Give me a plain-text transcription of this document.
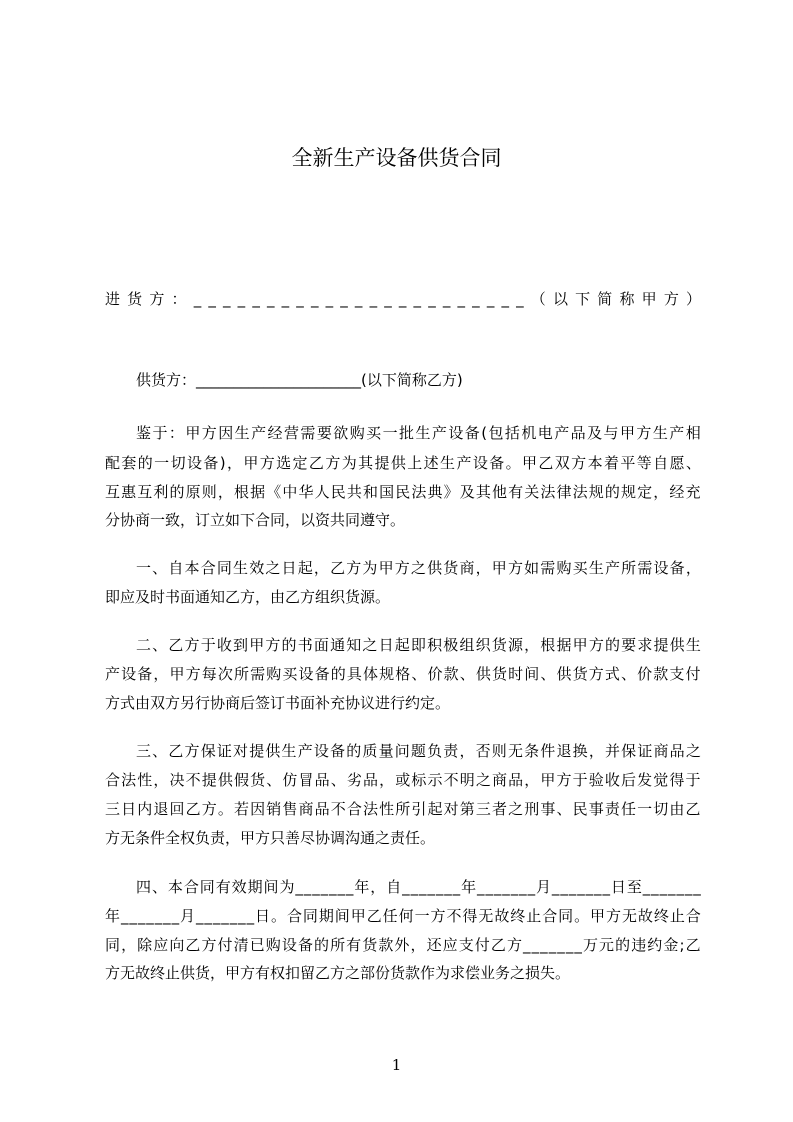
全新生产设备供货合同
进 货 方 ： _ _ _ _ _ _ _ _ _ _ _ _ _ _ _ _ _ _ _ _ _ _ _ （ 以 下 简 称 甲 方 ）
供货方：______________________(以下简称乙方)
鉴 于 ： 甲 方 因 生 产 经 营 需 要 欲 购 买 一 批 生 产 设 备 ( 包 括 机 电 产 品 及 与 甲 方 生 产 相
配 套 的 一 切 设 备 ) ， 甲 方 选 定 乙 方 为 其 提 供 上 述 生 产 设 备 。 甲 乙 双 方 本 着 平 等 自 愿 、
互 惠 互 利 的 原 则 ， 根 据 《 中 华 人 民 共 和 国 民 法 典 》 及 其 他 有 关 法 律 法 规 的 规 定 ， 经 充
分协商一致，订立如下合同，以资共同遵守。
一 、 自 本 合 同 生 效 之 日 起 ， 乙 方 为 甲 方 之 供 货 商 ， 甲 方 如 需 购 买 生 产 所 需 设 备 ，
即应及时书面通知乙方，由乙方组织货源。
二 、 乙 方 于 收 到 甲 方 的 书 面 通 知 之 日 起 即 积 极 组 织 货 源 ， 根 据 甲 方 的 要 求 提 供 生
产 设 备 ， 甲 方 每 次 所 需 购 买 设 备 的 具 体 规 格 、 价 款 、 供 货 时 间 、 供 货 方 式 、 价 款 支 付
方式由双方另行协商后签订书面补充协议进行约定。
三 、 乙 方 保 证 对 提 供 生 产 设 备 的 质 量 问 题 负 责 ， 否 则 无 条 件 退 换 ， 并 保 证 商 品 之
合 法 性 ， 决 不 提 供 假 货 、 仿 冒 品 、 劣 品 ， 或 标 示 不 明 之 商 品 ， 甲 方 于 验 收 后 发 觉 得 于
三 日 内 退 回 乙 方 。 若 因 销 售 商 品 不 合 法 性 所 引 起 对 第 三 者 之 刑 事 、 民 事 责 任 一 切 由 乙
方无条件全权负责，甲方只善尽协调沟通之责任。
四 、 本 合 同 有 效 期 间 为 _ _ _ _ _ _ _ 年 ， 自 _ _ _ _ _ _ _ 年 _ _ _ _ _ _ _ 月 _ _ _ _ _ _ _ 日 至 _ _ _ _ _ _ _
年 _ _ _ _ _ _ _ 月 _ _ _ _ _ _ _ 日 。 合 同 期 间 甲 乙 任 何 一 方 不 得 无 故 终 止 合 同 。 甲 方 无 故 终 止 合
同 ， 除 应 向 乙 方 付 清 已 购 设 备 的 所 有 货 款 外 ， 还 应 支 付 乙 方 _ _ _ _ _ _ _ 万 元 的 违 约 金 ; 乙
方无故终止供货，甲方有权扣留乙方之部份货款作为求偿业务之损失。
1
